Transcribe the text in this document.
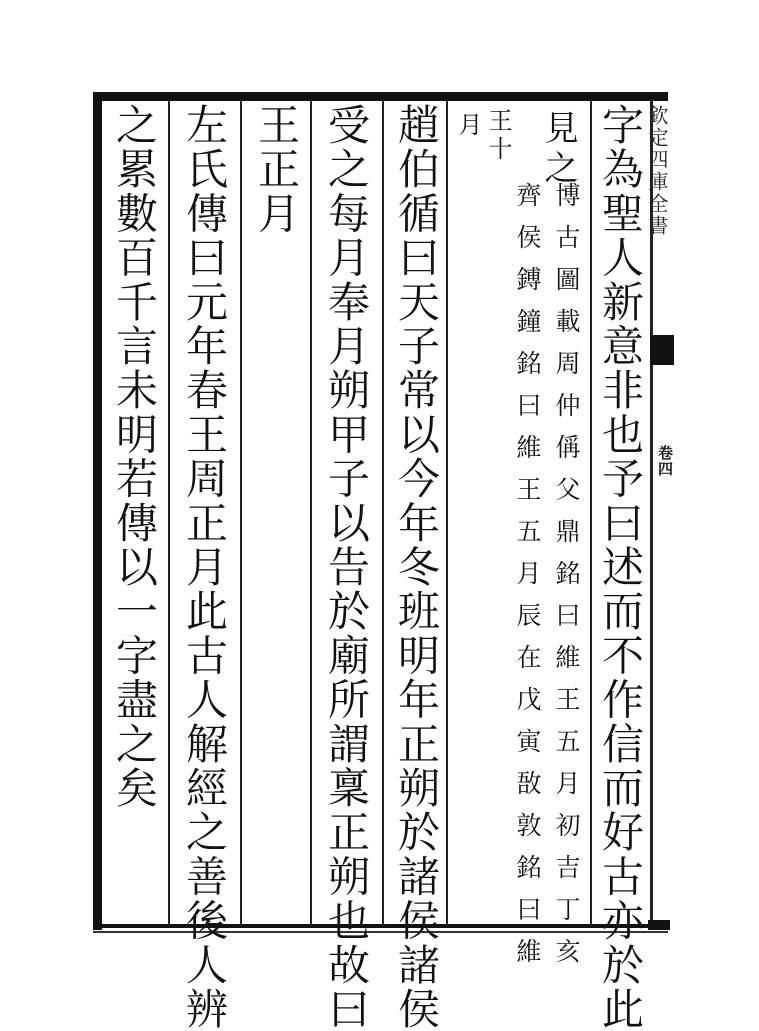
欽定四庫全書
卷四
字為聖人新意非也予曰述而不作信而好古亦於此
見之
博古圖載周仲偁父鼎銘曰維王五月初吉丁亥
齊侯鎛鐘銘曰維王五月辰在戊寅敔敦銘曰維
王十
月
趙伯循曰天子常以今年冬班明年正朔於諸侯諸侯
受之每月奉月朔甲子以告於廟所謂稟正朔也故曰
王正月
左氏傳曰元年春王周正月此古人解經之善後人辨
之累數百千言未明若傳以一字盡之矣
